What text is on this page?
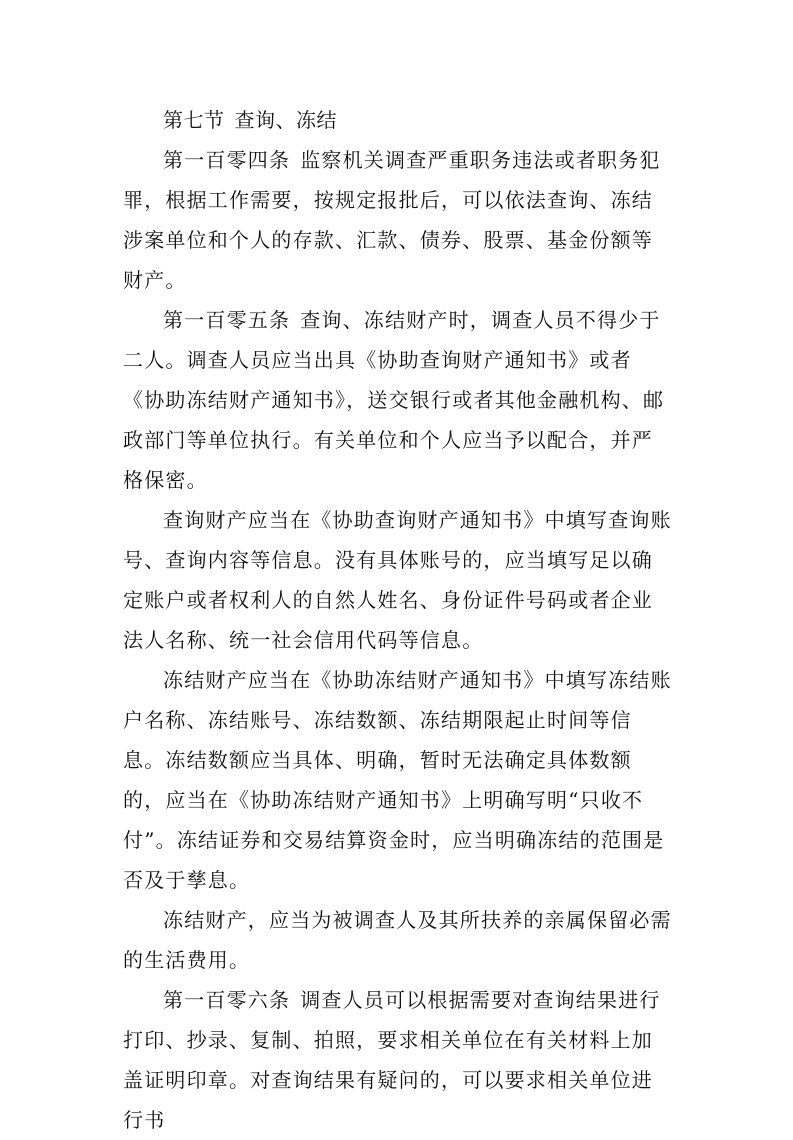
第七节 查询、冻结

第一百零四条 监察机关调查严重职务违法或者职务犯罪，根据工作需要，按规定报批后，可以依法查询、冻结涉案单位和个人的存款、汇款、债券、股票、基金份额等财产。

第一百零五条 查询、冻结财产时，调查人员不得少于二人。调查人员应当出具《协助查询财产通知书》或者《协助冻结财产通知书》，送交银行或者其他金融机构、邮政部门等单位执行。有关单位和个人应当予以配合，并严格保密。

查询财产应当在《协助查询财产通知书》中填写查询账号、查询内容等信息。没有具体账号的，应当填写足以确定账户或者权利人的自然人姓名、身份证件号码或者企业法人名称、统一社会信用代码等信息。

冻结财产应当在《协助冻结财产通知书》中填写冻结账户名称、冻结账号、冻结数额、冻结期限起止时间等信息。冻结数额应当具体、明确，暂时无法确定具体数额的，应当在《协助冻结财产通知书》上明确写明“只收不付”。冻结证券和交易结算资金时，应当明确冻结的范围是否及于孳息。

冻结财产，应当为被调查人及其所扶养的亲属保留必需的生活费用。

第一百零六条 调查人员可以根据需要对查询结果进行打印、抄录、复制、拍照，要求相关单位在有关材料上加盖证明印章。对查询结果有疑问的，可以要求相关单位进行书
